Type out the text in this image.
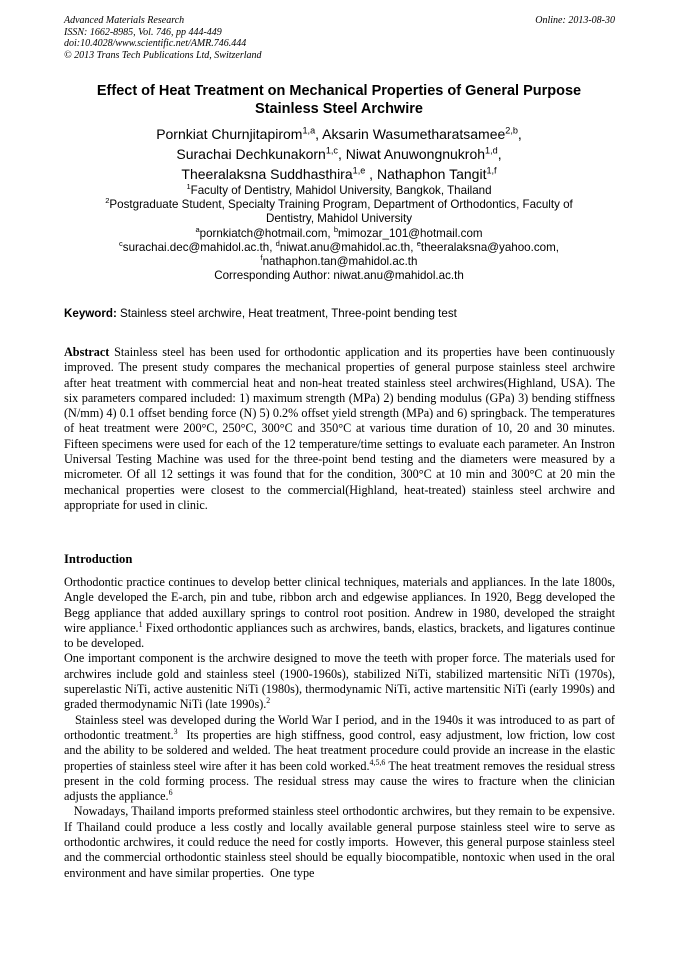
Advanced Materials Research
ISSN: 1662-8985, Vol. 746, pp 444-449
doi:10.4028/www.scientific.net/AMR.746.444
© 2013 Trans Tech Publications Ltd, Switzerland
Online: 2013-08-30
Effect of Heat Treatment on Mechanical Properties of General Purpose
Stainless Steel Archwire
Pornkiat Churnjitapirom$^{1,a}$, Aksarin Wasumetharatsamee$^{2,b}$,
Surachai Dechkunakorn$^{1,c}$, Niwat Anuwongnukroh$^{1,d}$,
Theeralaksna Suddhasthira$^{1,e}$ , Nathaphon Tangit$^{1,f}$
$^1$Faculty of Dentistry, Mahidol University, Bangkok, Thailand
$^2$Postgraduate Student, Specialty Training Program, Department of Orthodontics, Faculty of
Dentistry, Mahidol University
$^a$pornkiatch@hotmail.com, $^b$mimozar_101@hotmail.com
$^c$surachai.dec@mahidol.ac.th, $^d$niwat.anu@mahidol.ac.th, $^e$theeralaksna@yahoo.com,
$^f$nathaphon.tan@mahidol.ac.th
Corresponding Author: niwat.anu@mahidol.ac.th
Keyword: Stainless steel archwire, Heat treatment, Three-point bending test

Abstract Stainless steel has been used for orthodontic application and its properties have been continuously improved. The present study compares the mechanical properties of general purpose stainless steel archwire after heat treatment with commercial heat and non-heat treated stainless steel archwires(Highland, USA). The six parameters compared included: 1) maximum strength (MPa) 2) bending modulus (GPa) 3) bending stiffness (N/mm) 4) 0.1 offset bending force (N) 5) 0.2% offset yield strength (MPa) and 6) springback. The temperatures of heat treatment were 200°C, 250°C, 300°C and 350°C at various time duration of 10, 20 and 30 minutes. Fifteen specimens were used for each of the 12 temperature/time settings to evaluate each parameter. An Instron Universal Testing Machine was used for the three-point bend testing and the diameters were measured by a micrometer. Of all 12 settings it was found that for the condition, 300°C at 10 min and 300°C at 20 min the mechanical properties were closest to the commercial(Highland, heat-treated) stainless steel archwire and appropriate for used in clinic.

Introduction

Orthodontic practice continues to develop better clinical techniques, materials and appliances. In the late 1800s, Angle developed the E-arch, pin and tube, ribbon arch and edgewise appliances. In 1920, Begg developed the Begg appliance that added auxillary springs to control root position. Andrew in 1980, developed the straight wire appliance.$^1$ Fixed orthodontic appliances such as archwires, bands, elastics, brackets, and ligatures continue to be developed.

One important component is the archwire designed to move the teeth with proper force. The materials used for archwires include gold and stainless steel (1900-1960s), stabilized NiTi, stabilized martensitic NiTi (1970s), superelastic NiTi, active austenitic NiTi (1980s), thermodynamic NiTi, active martensitic NiTi (early 1990s) and graded thermodynamic NiTi (late 1990s).$^2$

Stainless steel was developed during the World War I period, and in the 1940s it was introduced to as part of orthodontic treatment.$^3$  Its properties are high stiffness, good control, easy adjustment, low friction, low cost and the ability to be soldered and welded. The heat treatment procedure could provide an increase in the elastic properties of stainless steel wire after it has been cold worked.$^{4,5,6}$ The heat treatment removes the residual stress present in the cold forming process. The residual stress may cause the wires to fracture when the clinician adjusts the appliance.$^6$

Nowadays, Thailand imports preformed stainless steel orthodontic archwires, but they remain to be expensive. If Thailand could produce a less costly and locally available general purpose stainless steel wire to serve as orthodontic archwires, it could reduce the need for costly imports.  However, this general purpose stainless steel and the commercial orthodontic stainless steel should be equally biocompatible, nontoxic when used in the oral environment and have similar properties.  One type
